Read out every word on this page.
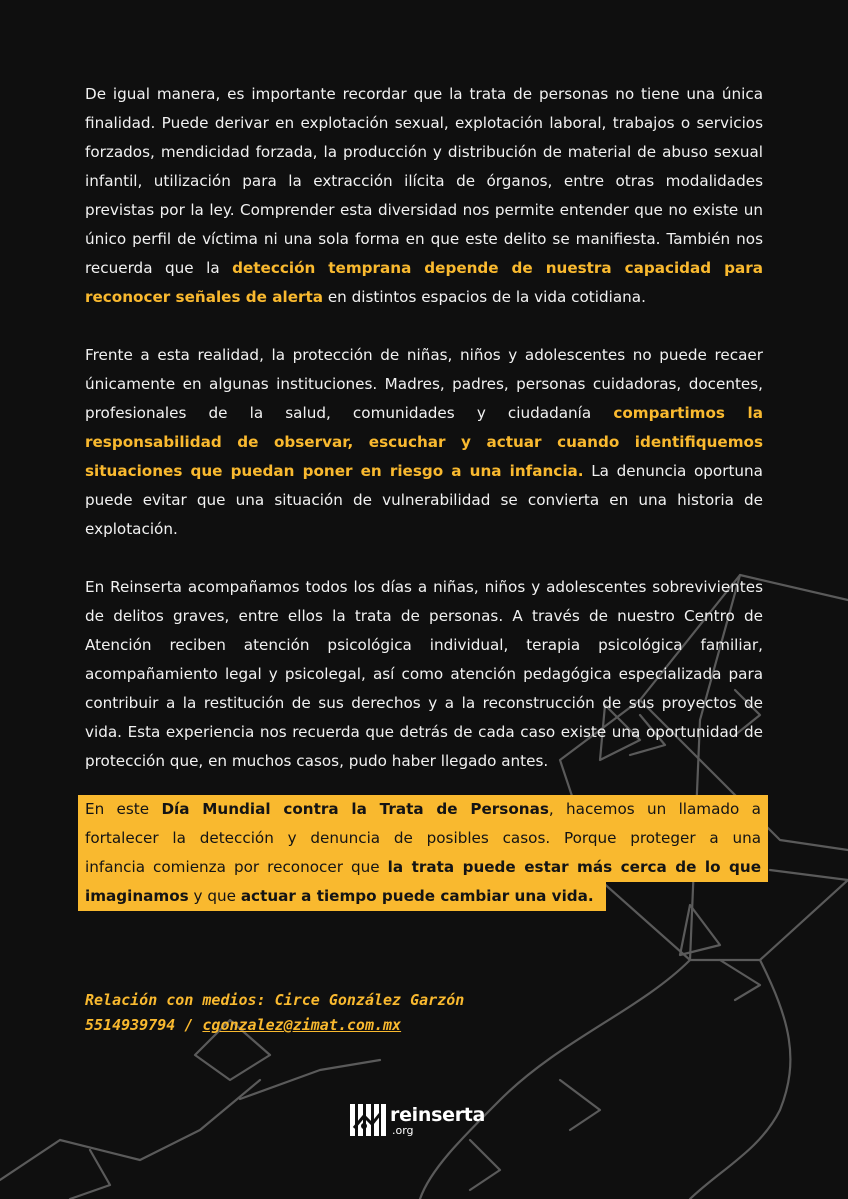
De igual manera, es importante recordar que la trata de personas no tiene una única finalidad. Puede derivar en explotación sexual, explotación laboral, trabajos o servicios forzados, mendicidad forzada, la producción y distribución de material de abuso sexual infantil, utilización para la extracción ilícita de órganos, entre otras modalidades previstas por la ley. Comprender esta diversidad nos permite entender que no existe un único perfil de víctima ni una sola forma en que este delito se manifiesta. También nos recuerda que la detección temprana depende de nuestra capacidad para reconocer señales de alerta en distintos espacios de la vida cotidiana.

Frente a esta realidad, la protección de niñas, niños y adolescentes no puede recaer únicamente en algunas instituciones. Madres, padres, personas cuidadoras, docentes, profesionales de la salud, comunidades y ciudadanía compartimos la responsabilidad de observar, escuchar y actuar cuando identifiquemos situaciones que puedan poner en riesgo a una infancia. La denuncia oportuna puede evitar que una situación de vulnerabilidad se convierta en una historia de explotación.

En Reinserta acompañamos todos los días a niñas, niños y adolescentes sobrevivientes de delitos graves, entre ellos la trata de personas. A través de nuestro Centro de Atención reciben atención psicológica individual, terapia psicológica familiar, acompañamiento legal y psicolegal, así como atención pedagógica especializada para contribuir a la restitución de sus derechos y a la reconstrucción de sus proyectos de vida. Esta experiencia nos recuerda que detrás de cada caso existe una oportunidad de protección que, en muchos casos, pudo haber llegado antes.

En este Día Mundial contra la Trata de Personas, hacemos un llamado a
fortalecer la detección y denuncia de posibles casos. Porque proteger a una
infancia comienza por reconocer que la trata puede estar más cerca de lo que
imaginamos y que actuar a tiempo puede cambiar una vida.
Relación con medios: Circe González Garzón
5514939794 / cgonzalez@zimat.com.mx
reinserta
.org
